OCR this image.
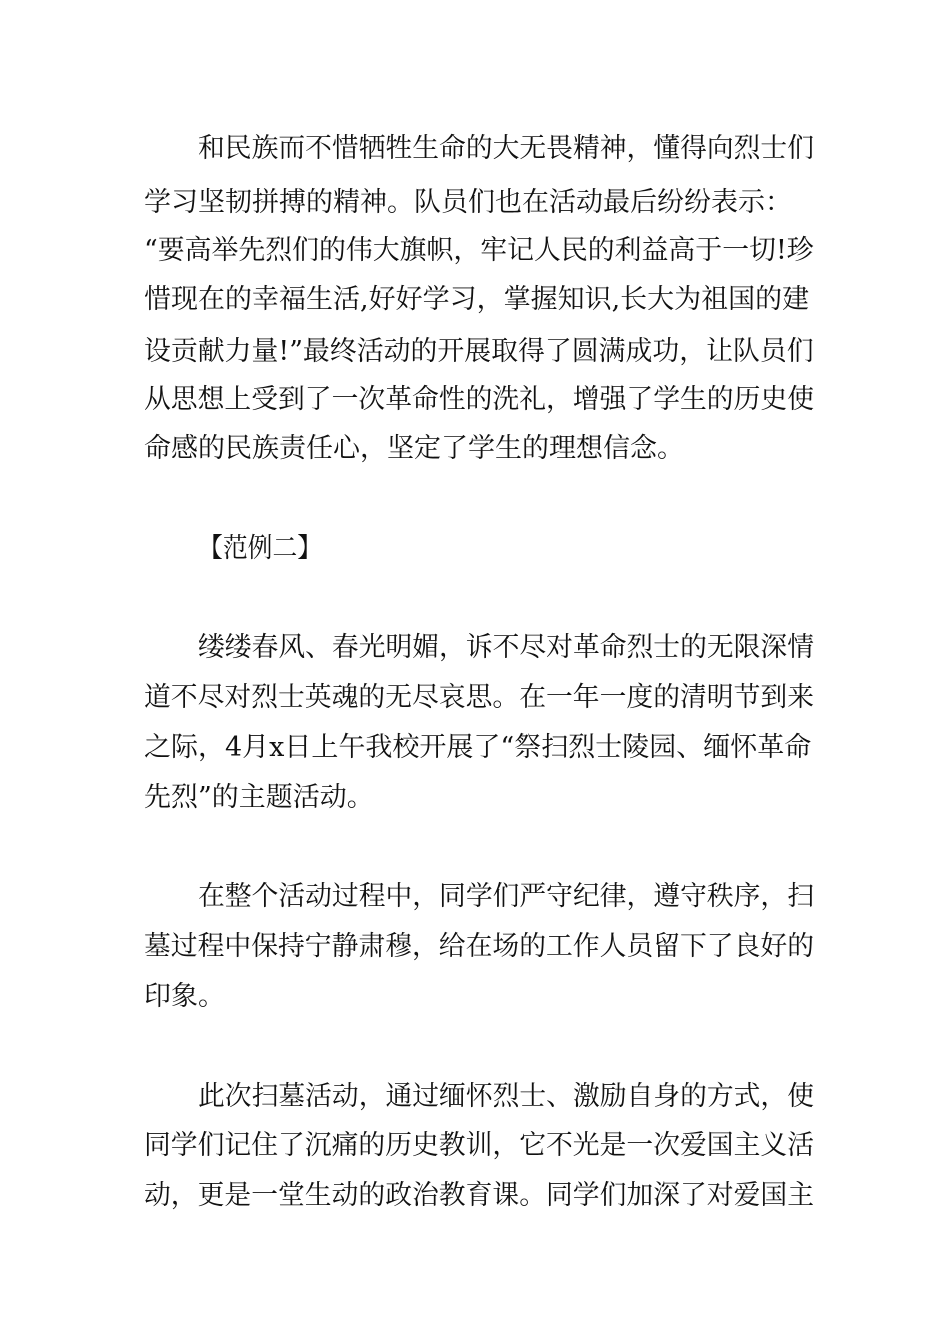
和民族而不惜牺牲生命的大无畏精神，懂得向烈士们
学习坚韧拼搏的精神。队员们也在活动最后纷纷表示：
“要高举先烈们的伟大旗帜，牢记人民的利益高于一切!珍
惜现在的幸福生活,好好学习，掌握知识,长大为祖国的建
设贡献力量!”最终活动的开展取得了圆满成功，让队员们
从思想上受到了一次革命性的洗礼，增强了学生的历史使
命感的民族责任心，坚定了学生的理想信念。
【范例二】
缕缕春风、春光明媚，诉不尽对革命烈士的无限深情
道不尽对烈士英魂的无尽哀思。在一年一度的清明节到来
之际，4月x日上午我校开展了“祭扫烈士陵园、缅怀革命
先烈”的主题活动。
在整个活动过程中，同学们严守纪律，遵守秩序，扫
墓过程中保持宁静肃穆，给在场的工作人员留下了良好的
印象。
此次扫墓活动，通过缅怀烈士、激励自身的方式，使
同学们记住了沉痛的历史教训，它不光是一次爱国主义活
动，更是一堂生动的政治教育课。同学们加深了对爱国主
